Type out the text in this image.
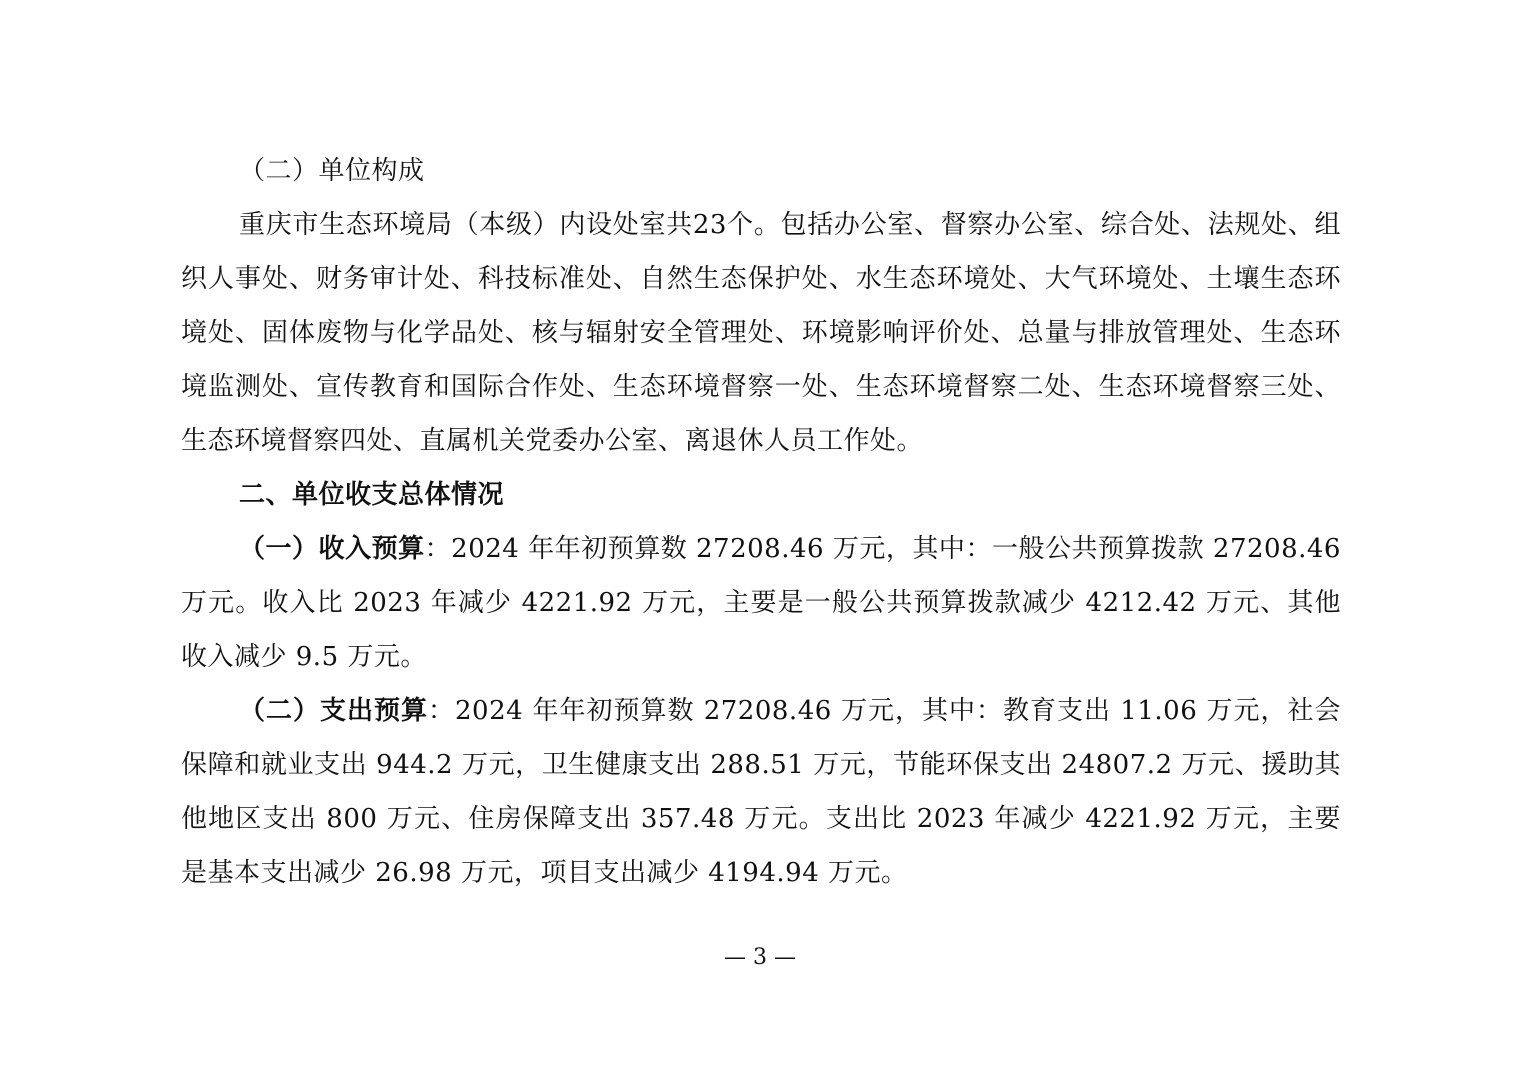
（二）单位构成

重庆市生态环境局（本级）内设处室共23个。包括办公室、督察办公室、综合处、法规处、组织人事处、财务审计处、科技标准处、自然生态保护处、水生态环境处、大气环境处、土壤生态环境处、固体废物与化学品处、核与辐射安全管理处、环境影响评价处、总量与排放管理处、生态环境监测处、宣传教育和国际合作处、生态环境督察一处、生态环境督察二处、生态环境督察三处、生态环境督察四处、直属机关党委办公室、离退休人员工作处。

二、单位收支总体情况

（一）收入预算：2024 年年初预算数 27208.46 万元，其中：一般公共预算拨款 27208.46 万元。收入比 2023 年减少 4221.92 万元，主要是一般公共预算拨款减少 4212.42 万元、其他收入减少 9.5 万元。

（二）支出预算：2024 年年初预算数 27208.46 万元，其中：教育支出 11.06 万元，社会保障和就业支出 944.2 万元，卫生健康支出 288.51 万元，节能环保支出 24807.2 万元、援助其他地区支出 800 万元、住房保障支出 357.48 万元。支出比 2023 年减少 4221.92 万元，主要是基本支出减少 26.98 万元，项目支出减少 4194.94 万元。

— 3 —
